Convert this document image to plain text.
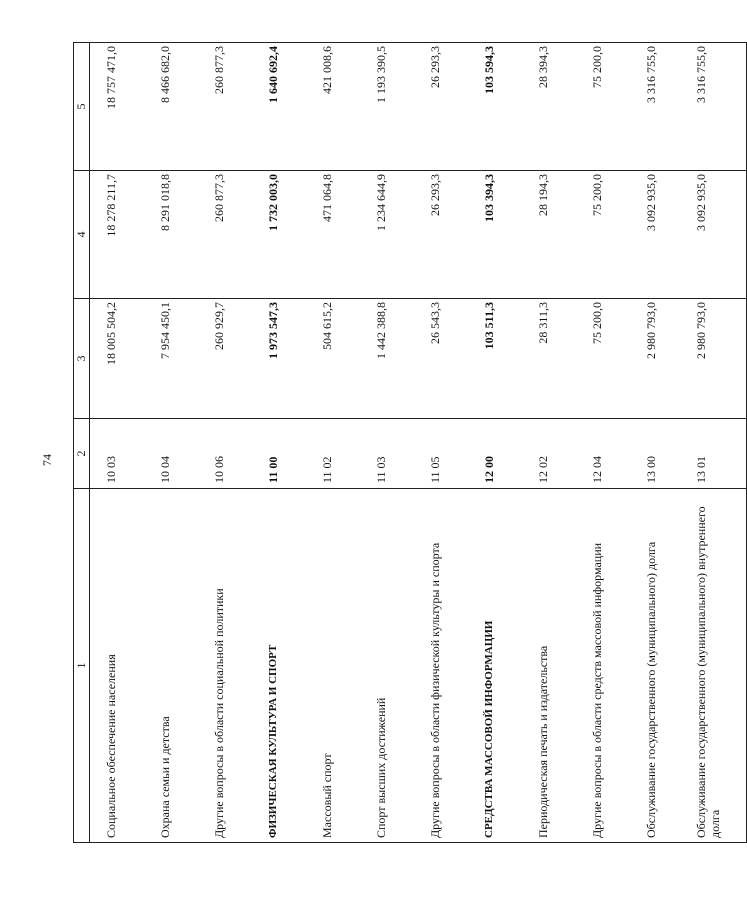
74
1	2	3	4	5
Социальное обеспечение населения	10 03	18 005 504,2	18 278 211,7	18 757 471,0
Охрана семьи и детства	10 04	7 954 450,1	8 291 018,8	8 466 682,0
Другие вопросы в области социальной политики	10 06	260 929,7	260 877,3	260 877,3
ФИЗИЧЕСКАЯ КУЛЬТУРА И СПОРТ	11 00	1 973 547,3	1 732 003,0	1 640 692,4
Массовый спорт	11 02	504 615,2	471 064,8	421 008,6
Спорт высших достижений	11 03	1 442 388,8	1 234 644,9	1 193 390,5
Другие вопросы в области физической культуры и спорта	11 05	26 543,3	26 293,3	26 293,3
СРЕДСТВА МАССОВОЙ ИНФОРМАЦИИ	12 00	103 511,3	103 394,3	103 594,3
Периодическая печать и издательства	12 02	28 311,3	28 194,3	28 394,3
Другие вопросы в области средств массовой информации	12 04	75 200,0	75 200,0	75 200,0
Обслуживание государственного (муниципального) долга	13 00	2 980 793,0	3 092 935,0	3 316 755,0
Обслуживание государственного (муниципального) внутреннего долга	13 01	2 980 793,0	3 092 935,0	3 316 755,0
